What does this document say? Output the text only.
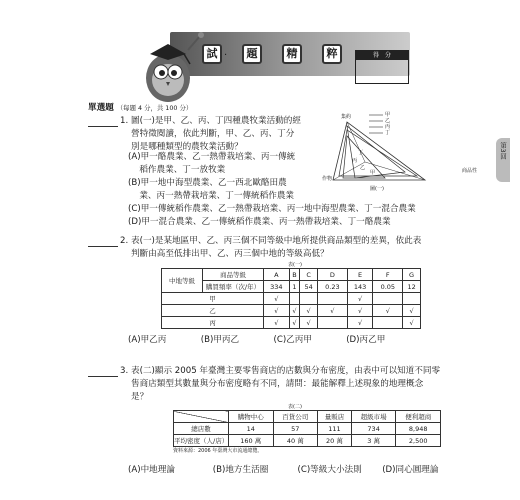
試	題	精	粹
·	得　分
第3回
單選題 （每題 4 分，共 100 分）
1. 圖(一)是甲、乙、丙、丁四種農牧業活動的經
營特徵閱讀，依此判斷，甲、乙、丙、丁分
別是哪種類型的農牧業活動？
(A)甲一酪農業、乙一熱帶栽培業、丙一傳統
　 稻作農業、丁一放牧業
(B)甲一地中海型農業、乙一西北歐酪田農
　 業、丙一熱帶栽培業、丁一傳統稻作農業
(C)甲一傳統稻作農業、乙一熱帶栽培業、丙一地中海型農業、丁一混合農業
(D)甲一混合農業、乙一傳統稻作農業、丙一熱帶栽培業、丁一酪農業
集約
作物
商品性
圖(一)
甲
乙
丙
丁
丁
丙
乙
甲
2. 表(一)是某地區甲、乙、丙三個不同等級中地所提供商品類型的差異，依此表
判斷由高至低排出甲、乙、丙三個中地的等級高低？
表(一)
中地等級	商品等級	A	B	C	D	E	F	G
	購買頻率（次/年）	334	1	54	0.23	143	0.05	12
甲		√				√		
乙		√	√	√	√	√	√	√
丙		√	√	√		√		√
(A)甲乙丙	(B)甲丙乙	(C)乙丙甲	(D)丙乙甲
3. 表(二)顯示 2005 年臺灣主要零售商店的店數與分布密度，由表中可以知道不同零
售商店類型其數量與分布密度略有不同，請問：最能解釋上述現象的地理概念
是？
表(二)
	購物中心	百貨公司	量販店	超級市場	便利超商
總店數	14	57	111	734	8,948
平均密度（人/店）	160 萬	40 萬	20 萬	3 萬	2,500
資料來源：2006 年臺灣大市流通總覽。
(A)中地理論	(B)地方生活圈	(C)等級大小法則 (D)同心圓理論
